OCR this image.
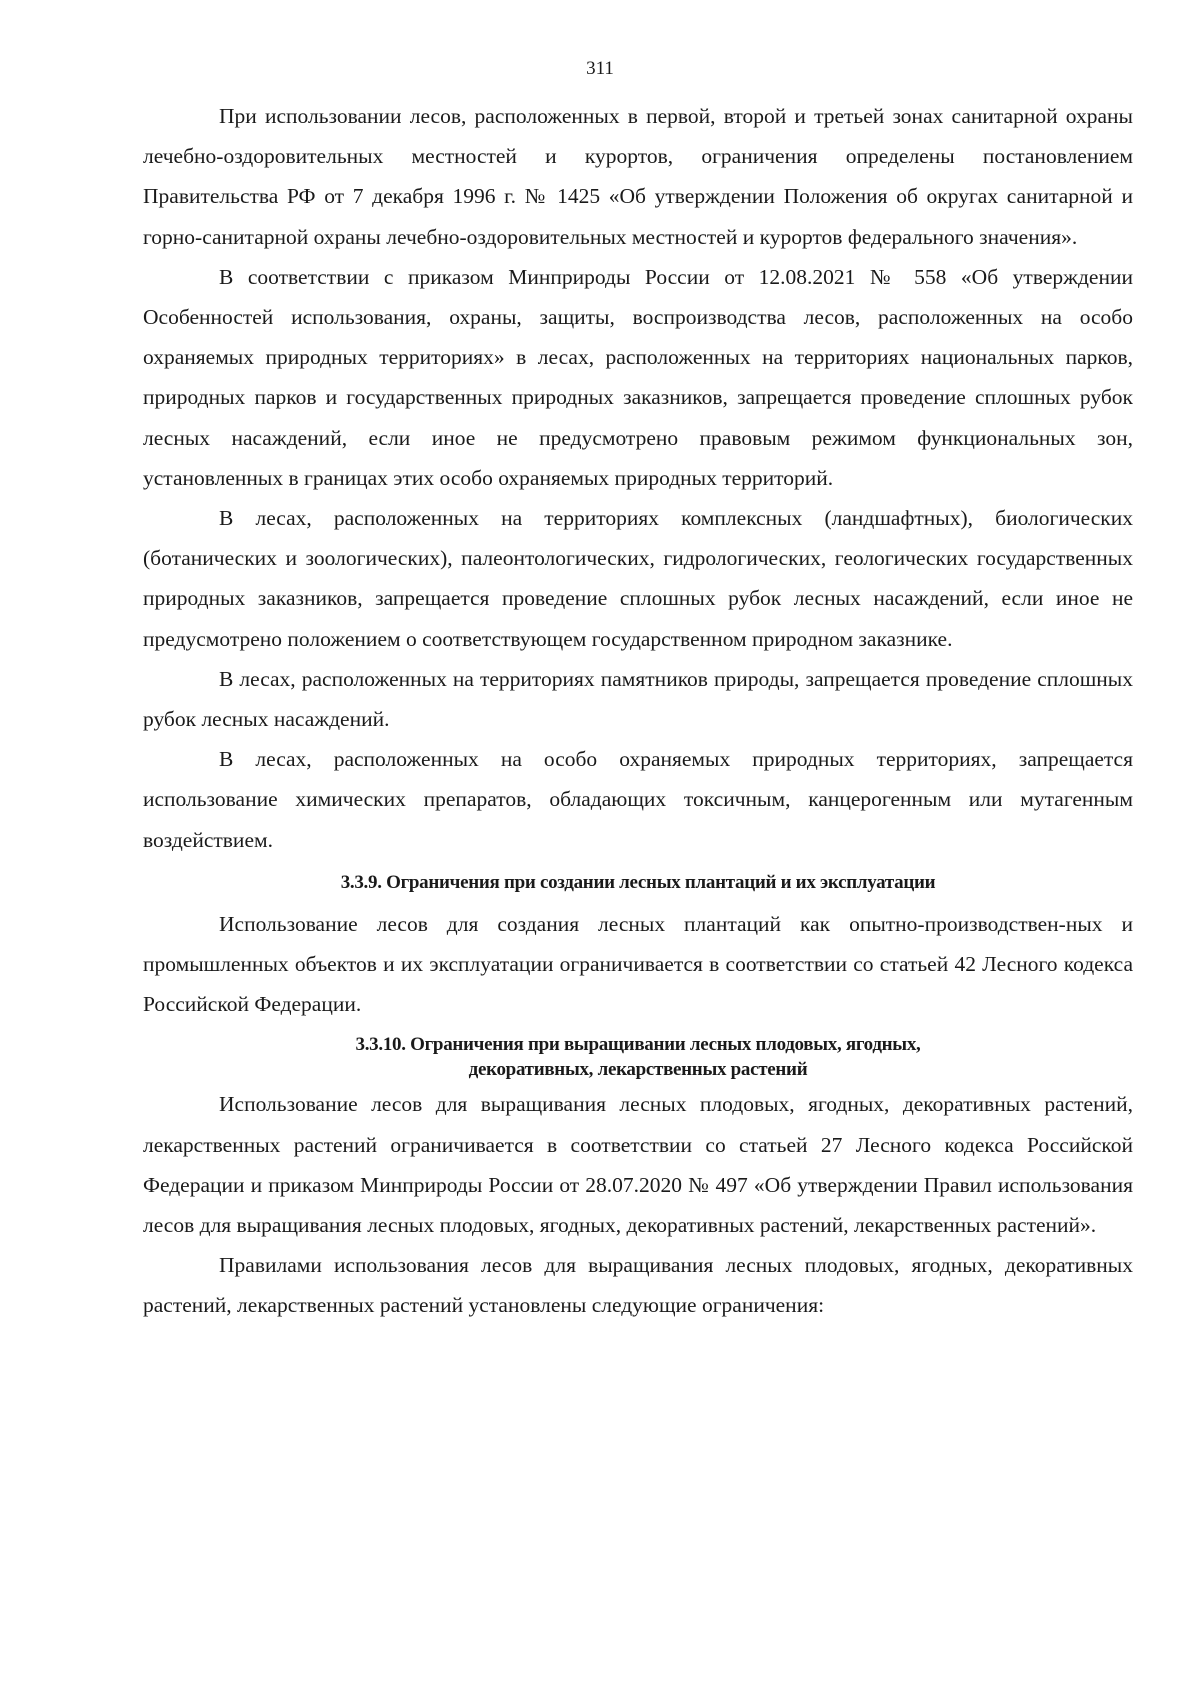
311

При использовании лесов, расположенных в первой, второй и третьей зонах санитарной охраны лечебно-оздоровительных местностей и курортов, ограничения определены постановлением Правительства РФ от 7 декабря 1996 г. № 1425 «Об утверждении Положения об округах санитарной и горно-санитарной охраны лечебно-оздоровительных местностей и курортов федерального значения».

В соответствии с приказом Минприроды России от 12.08.2021 № 558 «Об утверждении Особенностей использования, охраны, защиты, воспроизводства лесов, расположенных на особо охраняемых природных территориях» в лесах, расположенных на территориях национальных парков, природных парков и государственных природных заказников, запрещается проведение сплошных рубок лесных насаждений, если иное не предусмотрено правовым режимом функциональных зон, установленных в границах этих особо охраняемых природных территорий.

В лесах, расположенных на территориях комплексных (ландшафтных), биологических (ботанических и зоологических), палеонтологических, гидрологических, геологических государственных природных заказников, запрещается проведение сплошных рубок лесных насаждений, если иное не предусмотрено положением о соответствующем государственном природном заказнике.

В лесах, расположенных на территориях памятников природы, запрещается проведение сплошных рубок лесных насаждений.

В лесах, расположенных на особо охраняемых природных территориях, запрещается использование химических препаратов, обладающих токсичным, канцерогенным или мутагенным воздействием.

3.3.9. Ограничения при создании лесных плантаций и их эксплуатации

Использование лесов для создания лесных плантаций как опытно-производствен-ных и промышленных объектов и их эксплуатации ограничивается в соответствии со статьей 42 Лесного кодекса Российской Федерации.

3.3.10. Ограничения при выращивании лесных плодовых, ягодных,
декоративных, лекарственных растений

Использование лесов для выращивания лесных плодовых, ягодных, декоративных растений, лекарственных растений ограничивается в соответствии со статьей 27 Лесного кодекса Российской Федерации и приказом Минприроды России от 28.07.2020 № 497 «Об утверждении Правил использования лесов для выращивания лесных плодовых, ягодных, декоративных растений, лекарственных растений».

Правилами использования лесов для выращивания лесных плодовых, ягодных, декоративных растений, лекарственных растений установлены следующие ограничения:
